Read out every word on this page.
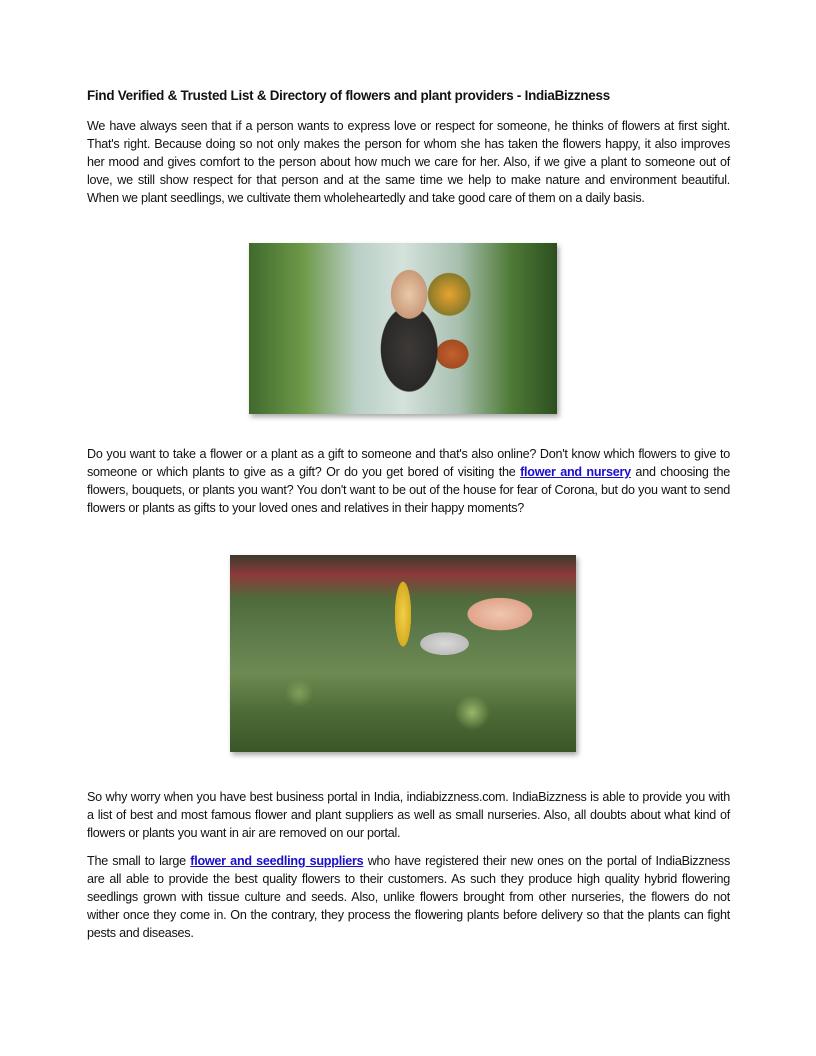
Find Verified & Trusted List & Directory of flowers and plant providers - IndiaBizzness

We have always seen that if a person wants to express love or respect for someone, he thinks of flowers at first sight. That's right. Because doing so not only makes the person for whom she has taken the flowers happy, it also improves her mood and gives comfort to the person about how much we care for her. Also, if we give a plant to someone out of love, we still show respect for that person and at the same time we help to make nature and environment beautiful. When we plant seedlings, we cultivate them wholeheartedly and take good care of them on a daily basis.

Do you want to take a flower or a plant as a gift to someone and that's also online? Don't know which flowers to give to someone or which plants to give as a gift? Or do you get bored of visiting the flower and nursery and choosing the flowers, bouquets, or plants you want? You don't want to be out of the house for fear of Corona, but do you want to send flowers or plants as gifts to your loved ones and relatives in their happy moments?

So why worry when you have best business portal in India, indiabizzness.com. IndiaBizzness is able to provide you with a list of best and most famous flower and plant suppliers as well as small nurseries. Also, all doubts about what kind of flowers or plants you want in air are removed on our portal.

The small to large flower and seedling suppliers who have registered their new ones on the portal of IndiaBizzness are all able to provide the best quality flowers to their customers. As such they produce high quality hybrid flowering seedlings grown with tissue culture and seeds. Also, unlike flowers brought from other nurseries, the flowers do not wither once they come in. On the contrary, they process the flowering plants before delivery so that the plants can fight pests and diseases.
